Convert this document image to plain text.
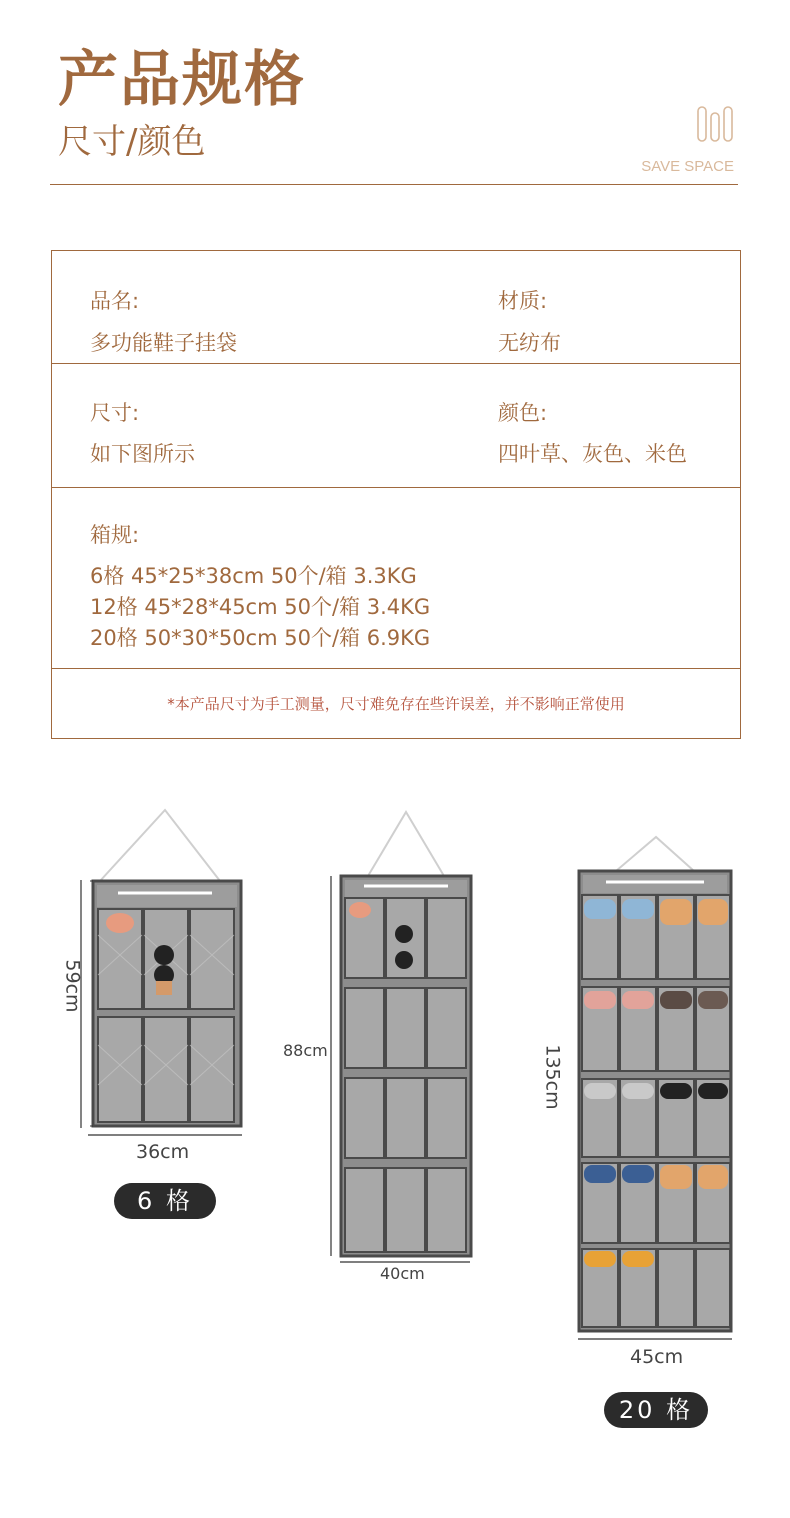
产品规格
尺寸/颜色
SAVE SPACE
品名:
多功能鞋子挂袋
材质:
无纺布
尺寸:
如下图所示
颜色:
四叶草、灰色、米色
箱规:
6格 45*25*38cm 50个/箱 3.3KG
12格 45*28*45cm 50个/箱 3.4KG
20格 50*30*50cm 50个/箱 6.9KG
*本产品尺寸为手工测量，尺寸难免存在些许误差，并不影响正常使用
59cm
36cm
6 格
88cm
40cm
135cm
45cm
20 格
